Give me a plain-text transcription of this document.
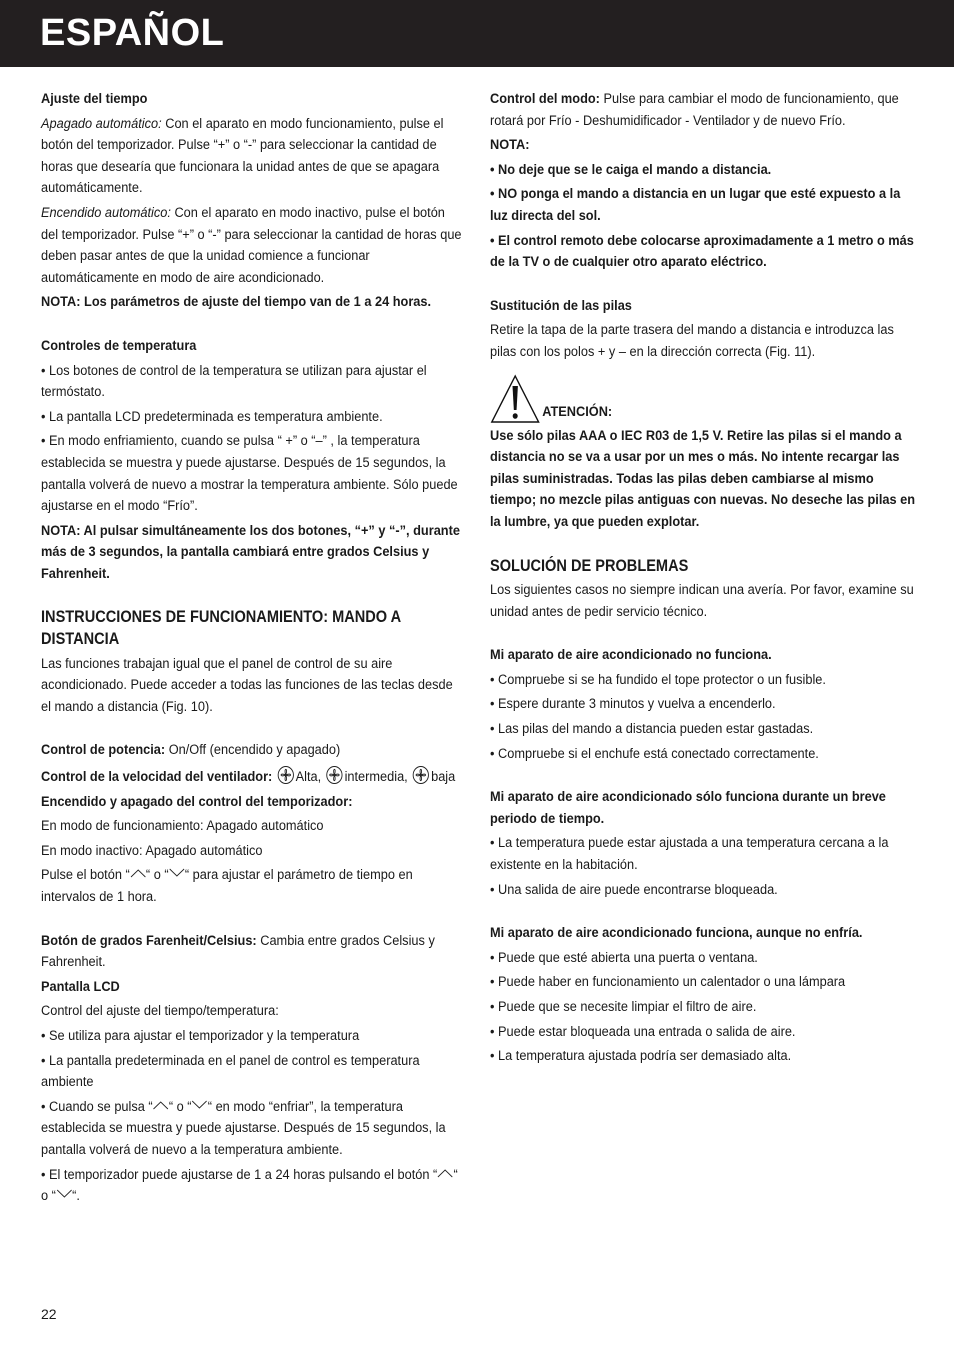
ESPAÑOL

Ajuste del tiempo

Apagado automático: Con el aparato en modo funcionamiento, pulse el botón del temporizador. Pulse “+” o “-” para seleccionar la cantidad de horas que desearía que funcionara la unidad antes de que se apagara automáticamente.

Encendido automático: Con el aparato en modo inactivo, pulse el botón del temporizador. Pulse “+” o “-” para seleccionar la cantidad de horas que deben pasar antes de que la unidad comience a funcionar automáticamente en modo de aire acondicionado.

NOTA: Los parámetros de ajuste del tiempo van de 1 a 24 horas.

Controles de temperatura

• Los botones de control de la temperatura se utilizan para ajustar el termóstato.

• La pantalla LCD predeterminada es temperatura ambiente.

• En modo enfriamiento, cuando se pulsa “ +” o “–” , la temperatura establecida se muestra y puede ajustarse. Después de 15 segundos, la pantalla volverá de nuevo a mostrar la temperatura ambiente. Sólo puede ajustarse en el modo “Frío”.

NOTA: Al pulsar simultáneamente los dos botones, “+” y “-”, durante más de 3 segundos, la pantalla cambiará entre grados Celsius y Fahrenheit.

INSTRUCCIONES DE FUNCIONAMIENTO: MANDO A DISTANCIA

Las funciones trabajan igual que el panel de control de su aire acondicionado. Puede acceder a todas las funciones de las teclas desde el mando a distancia (Fig. 10).

Control de potencia: On/Off (encendido y apagado)

Control de la velocidad del ventilador: Alta, intermedia, baja

Encendido y apagado del control del temporizador:

En modo de funcionamiento: Apagado automático

En modo inactivo: Apagado automático

Pulse el botón “ “ o “ “ para ajustar el parámetro de tiempo en intervalos de 1 hora.

Botón de grados Farenheit/Celsius: Cambia entre grados Celsius y Fahrenheit.

Pantalla LCD

Control del ajuste del tiempo/temperatura:

• Se utiliza para ajustar el temporizador y la temperatura

• La pantalla predeterminada en el panel de control es temperatura ambiente

• Cuando se pulsa “ “ o “ “ en modo “enfriar”, la temperatura establecida se muestra y puede ajustarse. Después de 15 segundos, la pantalla volverá de nuevo a la temperatura ambiente.

• El temporizador puede ajustarse de 1 a 24 horas pulsando el botón “ “ o “ “.

Control del modo: Pulse para cambiar el modo de funcionamiento, que rotará por Frío - Deshumidificador - Ventilador y de nuevo Frío.

NOTA:

• No deje que se le caiga el mando a distancia.

• NO ponga el mando a distancia en un lugar que esté expuesto a la luz directa del sol.

• El control remoto debe colocarse aproximadamente a 1 metro o más de la TV o de cualquier otro aparato eléctrico.

Sustitución de las pilas

Retire la tapa de la parte trasera del mando a distancia e introduzca las pilas con los polos + y – en la dirección correcta (Fig. 11).

ATENCIÓN:

Use sólo pilas AAA o IEC R03 de 1,5 V. Retire las pilas si el mando a distancia no se va a usar por un mes o más. No intente recargar las pilas suministradas. Todas las pilas deben cambiarse al mismo tiempo; no mezcle pilas antiguas con nuevas. No deseche las pilas en la lumbre, ya que pueden explotar.

SOLUCIÓN DE PROBLEMAS

Los siguientes casos no siempre indican una avería. Por favor, examine su unidad antes de pedir servicio técnico.

Mi aparato de aire acondicionado no funciona.

• Compruebe si se ha fundido el tope protector o un fusible.

• Espere durante 3 minutos y vuelva a encenderlo.

• Las pilas del mando a distancia pueden estar gastadas.

• Compruebe si el enchufe está conectado correctamente.

Mi aparato de aire acondicionado sólo funciona durante un breve periodo de tiempo.

• La temperatura puede estar ajustada a una temperatura cercana a la existente en la habitación.

• Una salida de aire puede encontrarse bloqueada.

Mi aparato de aire acondicionado funciona, aunque no enfría.

• Puede que esté abierta una puerta o ventana.

• Puede haber en funcionamiento un calentador o una lámpara

• Puede que se necesite limpiar el filtro de aire.

• Puede estar bloqueada una entrada o salida de aire.

• La temperatura ajustada podría ser demasiado alta.

22
